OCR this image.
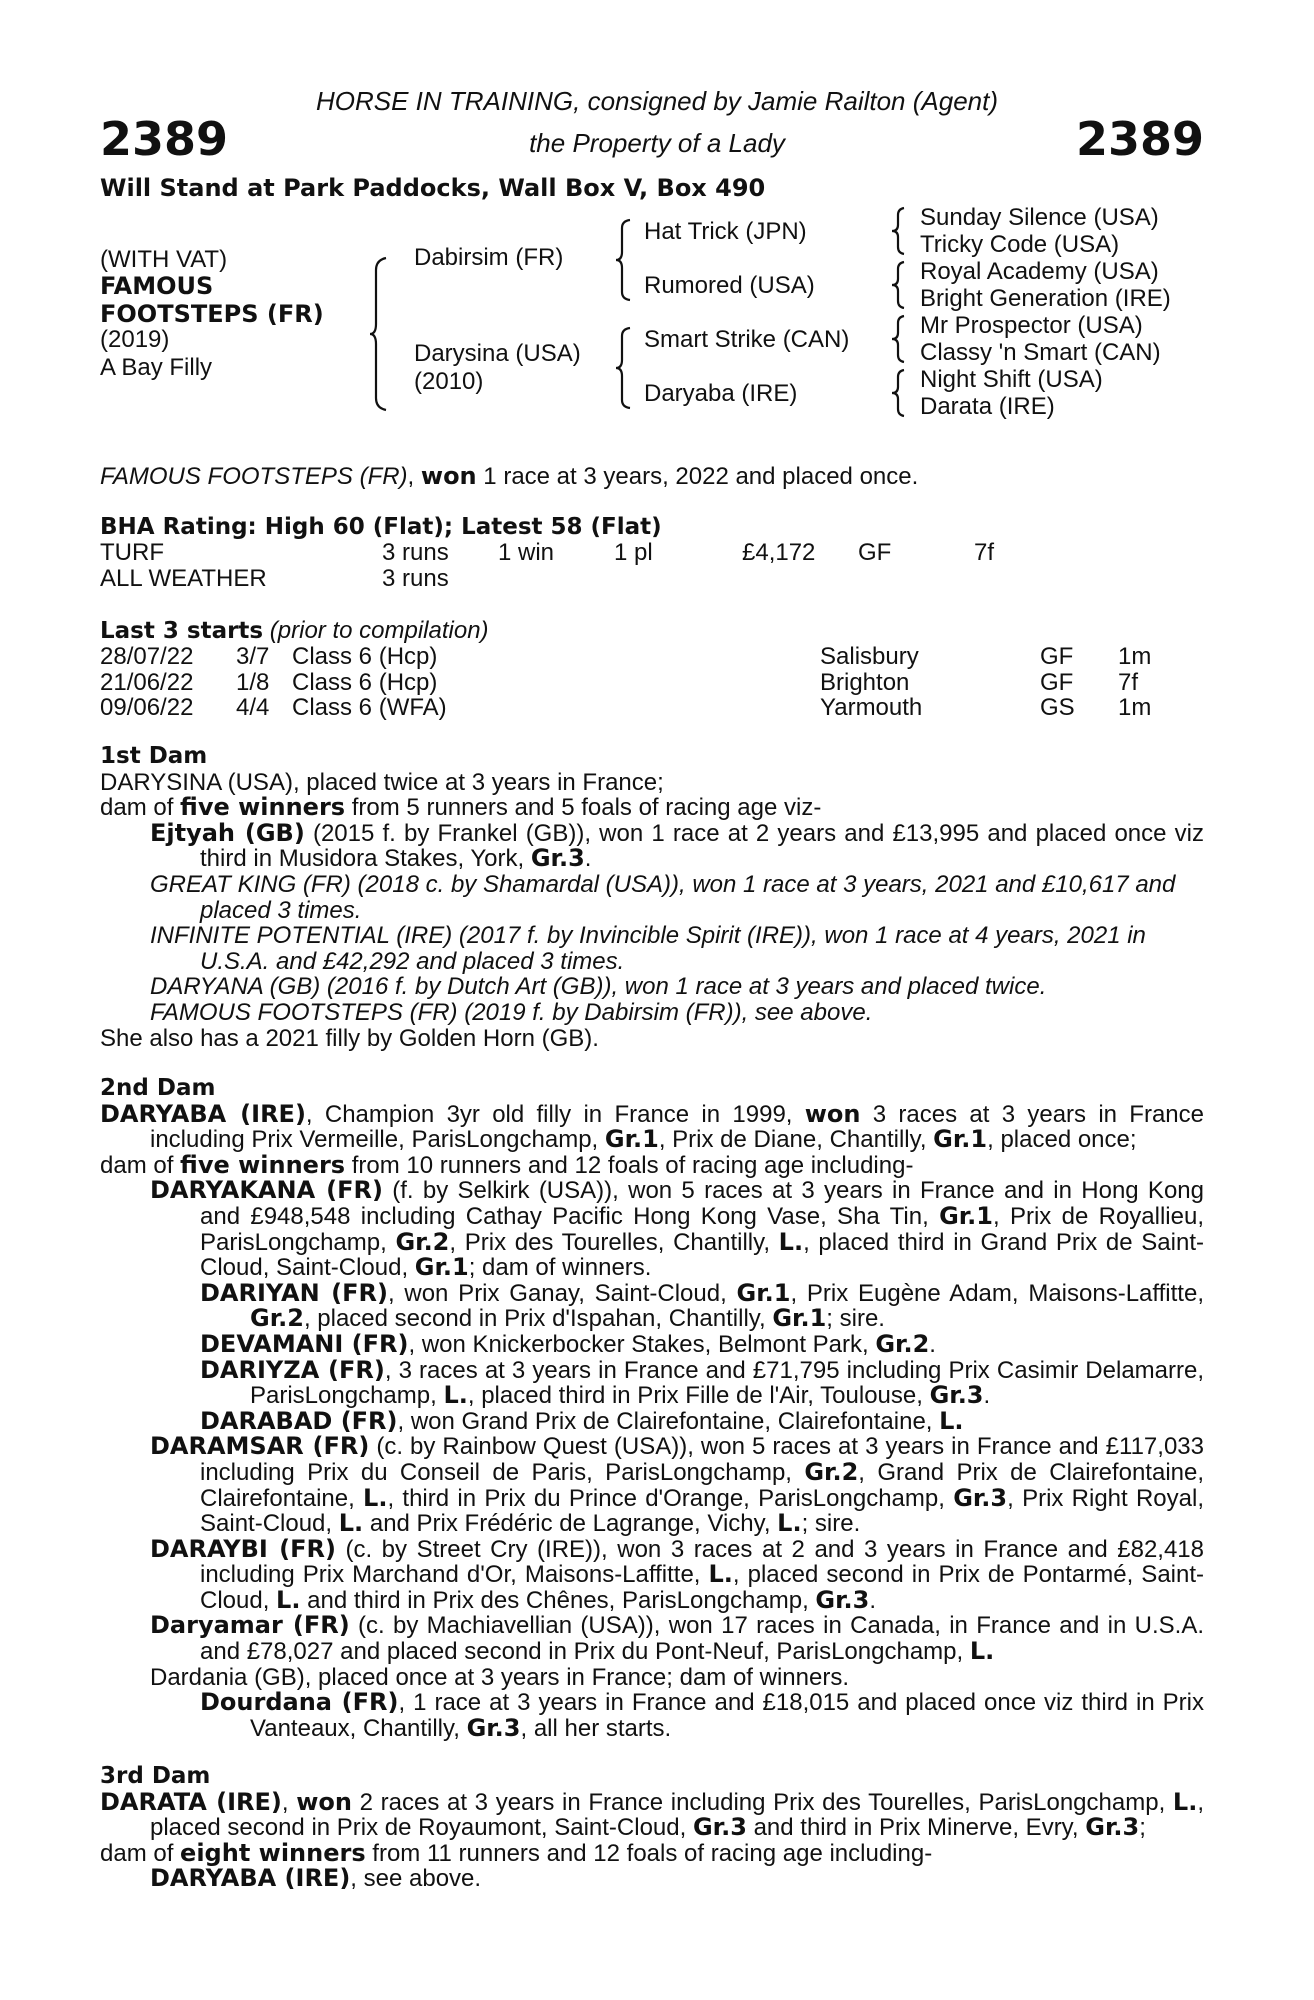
2389	2389
HORSE IN TRAINING, consigned by Jamie Railton (Agent)
the Property of a Lady
Will Stand at Park Paddocks, Wall Box V, Box 490
(WITH VAT)
FAMOUS
FOOTSTEPS (FR)
(2019)
A Bay Filly
Dabirsim (FR)
Darysina (USA)
(2010)
Hat Trick (JPN)
Rumored (USA)
Smart Strike (CAN)
Daryaba (IRE)
Sunday Silence (USA)
Tricky Code (USA)
Royal Academy (USA)
Bright Generation (IRE)
Mr Prospector (USA)
Classy 'n Smart (CAN)
Night Shift (USA)
Darata (IRE)
FAMOUS FOOTSTEPS (FR), won 1 race at 3 years, 2022 and placed once.
BHA Rating: High 60 (Flat); Latest 58 (Flat)
TURF	3 runs 1 win 1 pl	£4,172 GF	7f
ALL WEATHER	3 runs
Last 3 starts (prior to compilation)
28/07/22 3/7 Class 6 (Hcp)	Salisbury	GF 1m
21/06/22 1/8 Class 6 (Hcp)	Brighton	GF 7f
09/06/22 4/4 Class 6 (WFA)	Yarmouth	GS 1m
1st Dam
DARYSINA (USA), placed twice at 3 years in France;
dam of five winners from 5 runners and 5 foals of racing age viz-
Ejtyah (GB) (2015 f. by Frankel (GB)), won 1 race at 2 years and £13,995 and placed once viz third in Musidora Stakes, York, Gr.3.
GREAT KING (FR) (2018 c. by Shamardal (USA)), won 1 race at 3 years, 2021 and £10,617 and placed 3 times.
INFINITE POTENTIAL (IRE) (2017 f. by Invincible Spirit (IRE)), won 1 race at 4 years, 2021 in U.S.A. and £42,292 and placed 3 times.
DARYANA (GB) (2016 f. by Dutch Art (GB)), won 1 race at 3 years and placed twice.
FAMOUS FOOTSTEPS (FR) (2019 f. by Dabirsim (FR)), see above.
She also has a 2021 filly by Golden Horn (GB).
2nd Dam
DARYABA (IRE), Champion 3yr old filly in France in 1999, won 3 races at 3 years in France including Prix Vermeille, ParisLongchamp, Gr.1, Prix de Diane, Chantilly, Gr.1, placed once;
dam of five winners from 10 runners and 12 foals of racing age including-
DARYAKANA (FR) (f. by Selkirk (USA)), won 5 races at 3 years in France and in Hong Kong and £948,548 including Cathay Pacific Hong Kong Vase, Sha Tin, Gr.1, Prix de Royallieu, ParisLongchamp, Gr.2, Prix des Tourelles, Chantilly, L., placed third in Grand Prix de Saint-Cloud, Saint-Cloud, Gr.1; dam of winners.
DARIYAN (FR), won Prix Ganay, Saint-Cloud, Gr.1, Prix Eugène Adam, Maisons-Laffitte, Gr.2, placed second in Prix d'Ispahan, Chantilly, Gr.1; sire.
DEVAMANI (FR), won Knickerbocker Stakes, Belmont Park, Gr.2.
DARIYZA (FR), 3 races at 3 years in France and £71,795 including Prix Casimir Delamarre, ParisLongchamp, L., placed third in Prix Fille de l'Air, Toulouse, Gr.3.
DARABAD (FR), won Grand Prix de Clairefontaine, Clairefontaine, L.
DARAMSAR (FR) (c. by Rainbow Quest (USA)), won 5 races at 3 years in France and £117,033 including Prix du Conseil de Paris, ParisLongchamp, Gr.2, Grand Prix de Clairefontaine, Clairefontaine, L., third in Prix du Prince d'Orange, ParisLongchamp, Gr.3, Prix Right Royal, Saint-Cloud, L. and Prix Frédéric de Lagrange, Vichy, L.; sire.
DARAYBI (FR) (c. by Street Cry (IRE)), won 3 races at 2 and 3 years in France and £82,418 including Prix Marchand d'Or, Maisons-Laffitte, L., placed second in Prix de Pontarmé, Saint-Cloud, L. and third in Prix des Chênes, ParisLongchamp, Gr.3.
Daryamar (FR) (c. by Machiavellian (USA)), won 17 races in Canada, in France and in U.S.A. and £78,027 and placed second in Prix du Pont-Neuf, ParisLongchamp, L.
Dardania (GB), placed once at 3 years in France; dam of winners.
Dourdana (FR), 1 race at 3 years in France and £18,015 and placed once viz third in Prix Vanteaux, Chantilly, Gr.3, all her starts.
3rd Dam
DARATA (IRE), won 2 races at 3 years in France including Prix des Tourelles, ParisLongchamp, L., placed second in Prix de Royaumont, Saint-Cloud, Gr.3 and third in Prix Minerve, Evry, Gr.3;
dam of eight winners from 11 runners and 12 foals of racing age including-
DARYABA (IRE), see above.
